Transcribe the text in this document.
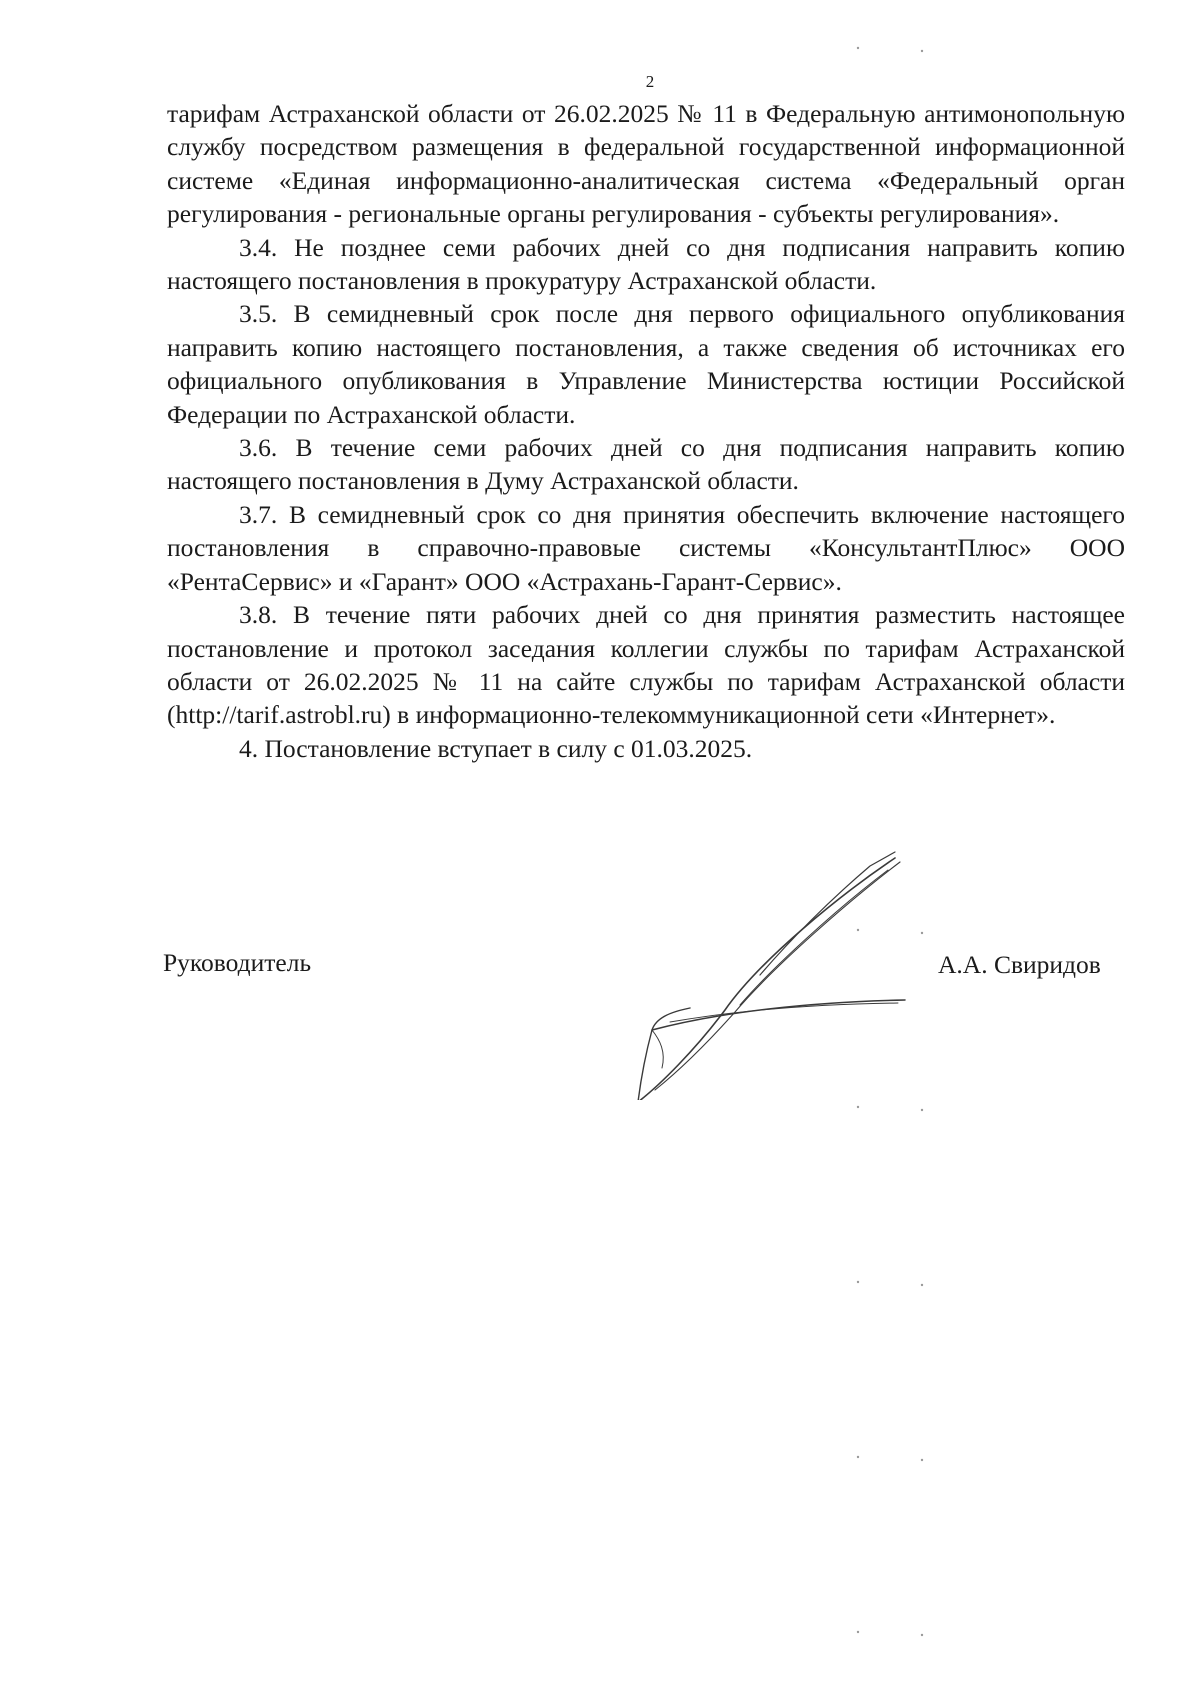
2

тарифам Астраханской области от 26.02.2025 № 11 в Федеральную антимонопольную службу посредством размещения в федеральной государственной информационной системе «Единая информационно-аналитическая система «Федеральный орган регулирования - региональные органы регулирования - субъекты регулирования».

3.4. Не позднее семи рабочих дней со дня подписания направить копию настоящего постановления в прокуратуру Астраханской области.

3.5. В семидневный срок после дня первого официального опубликования направить копию настоящего постановления, а также сведения об источниках его официального опубликования в Управление Министерства юстиции Российской Федерации по Астраханской области.

3.6. В течение семи рабочих дней со дня подписания направить копию настоящего постановления в Думу Астраханской области.

3.7. В семидневный срок со дня принятия обеспечить включение настоящего постановления в справочно-правовые системы «КонсультантПлюс» ООО «РентаСервис» и «Гарант» ООО «Астрахань-Гарант-Сервис».

3.8. В течение пяти рабочих дней со дня принятия разместить настоящее постановление и протокол заседания коллегии службы по тарифам Астраханской области от 26.02.2025 № 11 на сайте службы по тарифам Астраханской области (http://tarif.astrobl.ru) в информационно-телекоммуникационной сети «Интернет».

4. Постановление вступает в силу с 01.03.2025.

Руководитель	А.А. Свиридов
